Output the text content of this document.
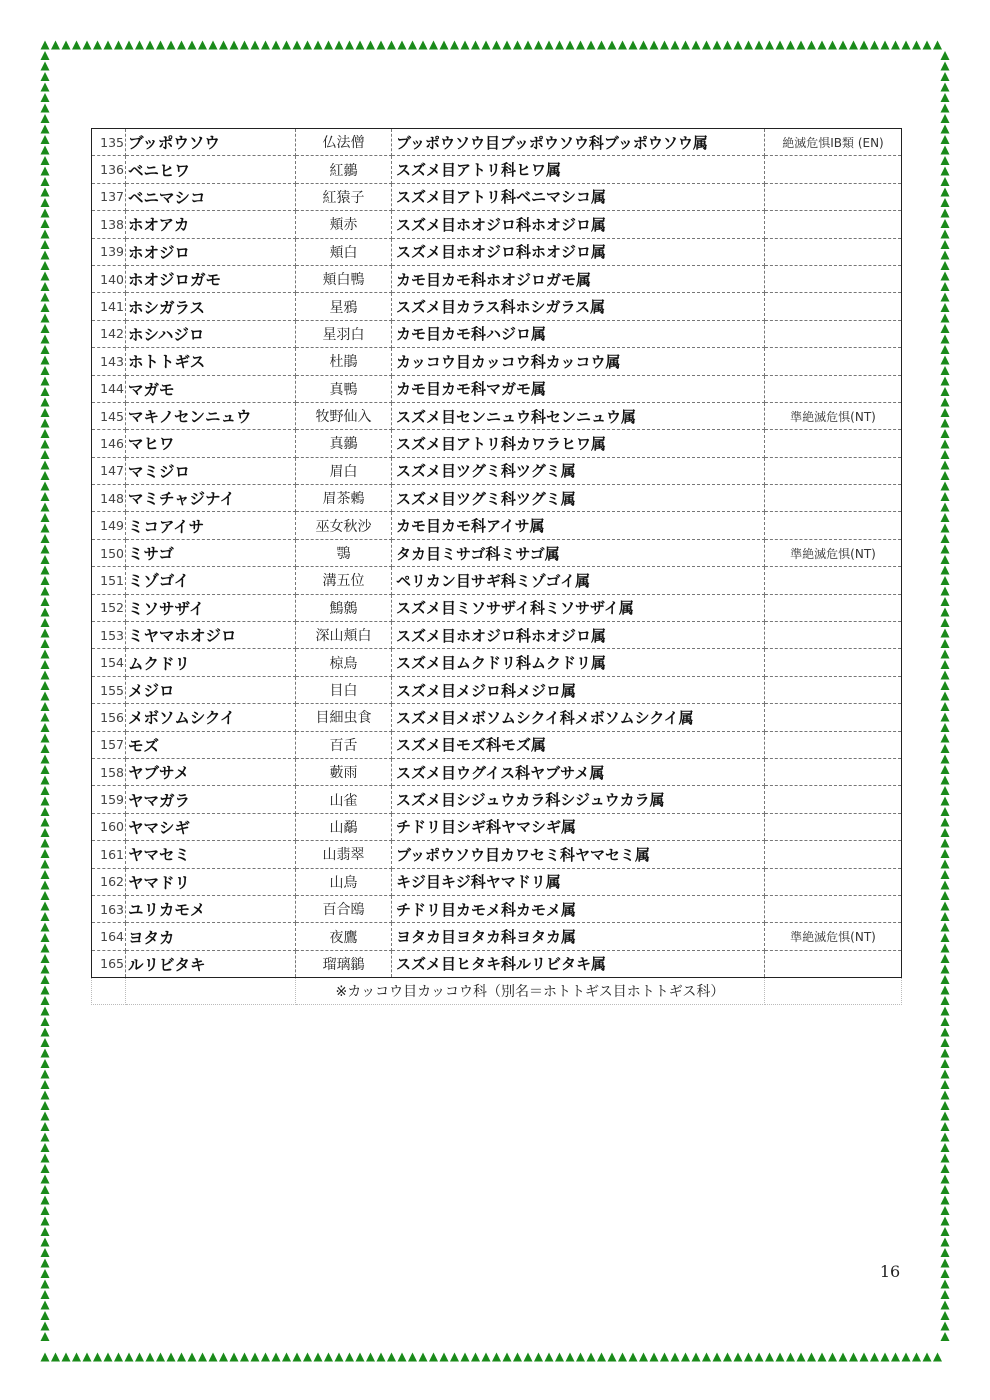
135	ブッポウソウ	仏法僧	ブッポウソウ目ブッポウソウ科ブッポウソウ属	絶滅危惧IB類 (EN)
136	ベニヒワ	紅鶸	スズメ目アトリ科ヒワ属	
137	ベニマシコ	紅猿子	スズメ目アトリ科ベニマシコ属	
138	ホオアカ	頬赤	スズメ目ホオジロ科ホオジロ属	
139	ホオジロ	頬白	スズメ目ホオジロ科ホオジロ属	
140	ホオジロガモ	頬白鴨	カモ目カモ科ホオジロガモ属	
141	ホシガラス	星鴉	スズメ目カラス科ホシガラス属	
142	ホシハジロ	星羽白	カモ目カモ科ハジロ属	
143	ホトトギス	杜鵑	カッコウ目カッコウ科カッコウ属	
144	マガモ	真鴨	カモ目カモ科マガモ属	
145	マキノセンニュウ	牧野仙入	スズメ目センニュウ科センニュウ属	準絶滅危惧(NT)
146	マヒワ	真鶸	スズメ目アトリ科カワラヒワ属	
147	マミジロ	眉白	スズメ目ツグミ科ツグミ属	
148	マミチャジナイ	眉茶鶫	スズメ目ツグミ科ツグミ属	
149	ミコアイサ	巫女秋沙	カモ目カモ科アイサ属	
150	ミサゴ	鶚	タカ目ミサゴ科ミサゴ属	準絶滅危惧(NT)
151	ミゾゴイ	溝五位	ペリカン目サギ科ミゾゴイ属	
152	ミソサザイ	鷦鷯	スズメ目ミソサザイ科ミソサザイ属	
153	ミヤマホオジロ	深山頬白	スズメ目ホオジロ科ホオジロ属	
154	ムクドリ	椋鳥	スズメ目ムクドリ科ムクドリ属	
155	メジロ	目白	スズメ目メジロ科メジロ属	
156	メボソムシクイ	目細虫食	スズメ目メボソムシクイ科メボソムシクイ属	
157	モズ	百舌	スズメ目モズ科モズ属	
158	ヤブサメ	藪雨	スズメ目ウグイス科ヤブサメ属	
159	ヤマガラ	山雀	スズメ目シジュウカラ科シジュウカラ属	
160	ヤマシギ	山鷸	チドリ目シギ科ヤマシギ属	
161	ヤマセミ	山翡翠	ブッポウソウ目カワセミ科ヤマセミ属	
162	ヤマドリ	山鳥	キジ目キジ科ヤマドリ属	
163	ユリカモメ	百合鴎	チドリ目カモメ科カモメ属	
164	ヨタカ	夜鷹	ヨタカ目ヨタカ科ヨタカ属	準絶滅危惧(NT)
165	ルリビタキ	瑠璃鶲	スズメ目ヒタキ科ルリビタキ属	
		※カッコウ目カッコウ科（別名＝ホトトギス目ホトトギス科）		
16
